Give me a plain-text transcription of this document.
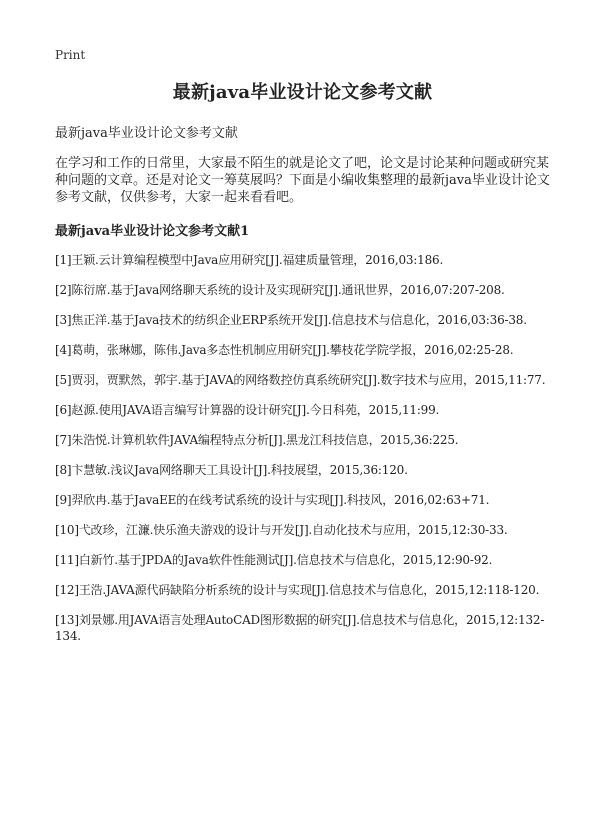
Print
最新java毕业设计论文参考文献

最新java毕业设计论文参考文献

在学习和工作的日常里，大家最不陌生的就是论文了吧，论文是讨论某种问题或研究某种问题的文章。还是对论文一筹莫展吗？下面是小编收集整理的最新java毕业设计论文参考文献，仅供参考，大家一起来看看吧。

最新java毕业设计论文参考文献1

[1]王颖.云计算编程模型中Java应用研究[J].福建质量管理，2016,03:186.
[2]陈衍席.基于Java网络聊天系统的设计及实现研究[J].通讯世界，2016,07:207-208.
[3]焦正洋.基于Java技术的纺织企业ERP系统开发[J].信息技术与信息化，2016,03:36-38.
[4]葛萌，张琳娜，陈伟.Java多态性机制应用研究[J].攀枝花学院学报，2016,02:25-28.
[5]贾羽，贾默然，郭宇.基于JAVA的网络数控仿真系统研究[J].数字技术与应用，2015,11:77.
[6]赵源.使用JAVA语言编写计算器的设计研究[J].今日科苑，2015,11:99.
[7]朱浩悦.计算机软件JAVA编程特点分析[J].黑龙江科技信息，2015,36:225.
[8]卞慧敏.浅议Java网络聊天工具设计[J].科技展望，2015,36:120.
[9]羿欣冉.基于JavaEE的在线考试系统的设计与实现[J].科技风，2016,02:63+71.
[10]弋改珍，江濂.快乐渔夫游戏的设计与开发[J].自动化技术与应用，2015,12:30-33.
[11]白新竹.基于JPDA的Java软件性能测试[J].信息技术与信息化，2015,12:90-92.
[12]王浩.JAVA源代码缺陷分析系统的设计与实现[J].信息技术与信息化，2015,12:118-120.
[13]刘景娜.用JAVA语言处理AutoCAD图形数据的研究[J].信息技术与信息化，2015,12:132-134.
